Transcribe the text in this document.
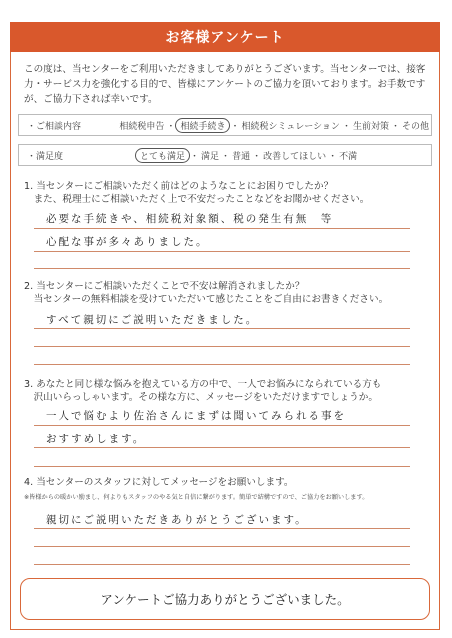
お客様アンケート
この度は、当センターをご利用いただきましてありがとうございます。当センターでは、接客力・サービス力を強化する目的で、皆様にアンケートのご協力を頂いております。お手数ですが、ご協力下されば幸いです。
・ご相談内容	相続税申告 ・ 相続手続き ・ 相続税シミュレーション ・ 生前対策 ・ その他
・満足度	とても満足 ・ 満足 ・ 普通 ・ 改善してほしい ・ 不満
1. 当センターにご相談いただく前はどのようなことにお困りでしたか？
　また、税理士にご相談いただく上で不安だったことなどをお聞かせください。
必要な手続きや、相続税対象額、税の発生有無　等
心配な事が多々ありました。
2. 当センターにご相談いただくことで不安は解消されましたか？
　当センターの無料相談を受けていただいて感じたことをご自由にお書きください。
すべて親切にご説明いただきました。
3. あなたと同じ様な悩みを抱えている方の中で、一人でお悩みになられている方も
　沢山いらっしゃいます。その様な方に、メッセージをいただけますでしょうか。
一人で悩むより佐治さんにまずは聞いてみられる事を
おすすめします。
4. 当センターのスタッフに対してメッセージをお願いします。
※皆様からの暖かい励まし、何よりもスタッフのやる気と自信に繋がります。簡単で結構ですので、ご協力をお願いします。
親切にご説明いただきありがとうございます。
アンケートご協力ありがとうございました。
